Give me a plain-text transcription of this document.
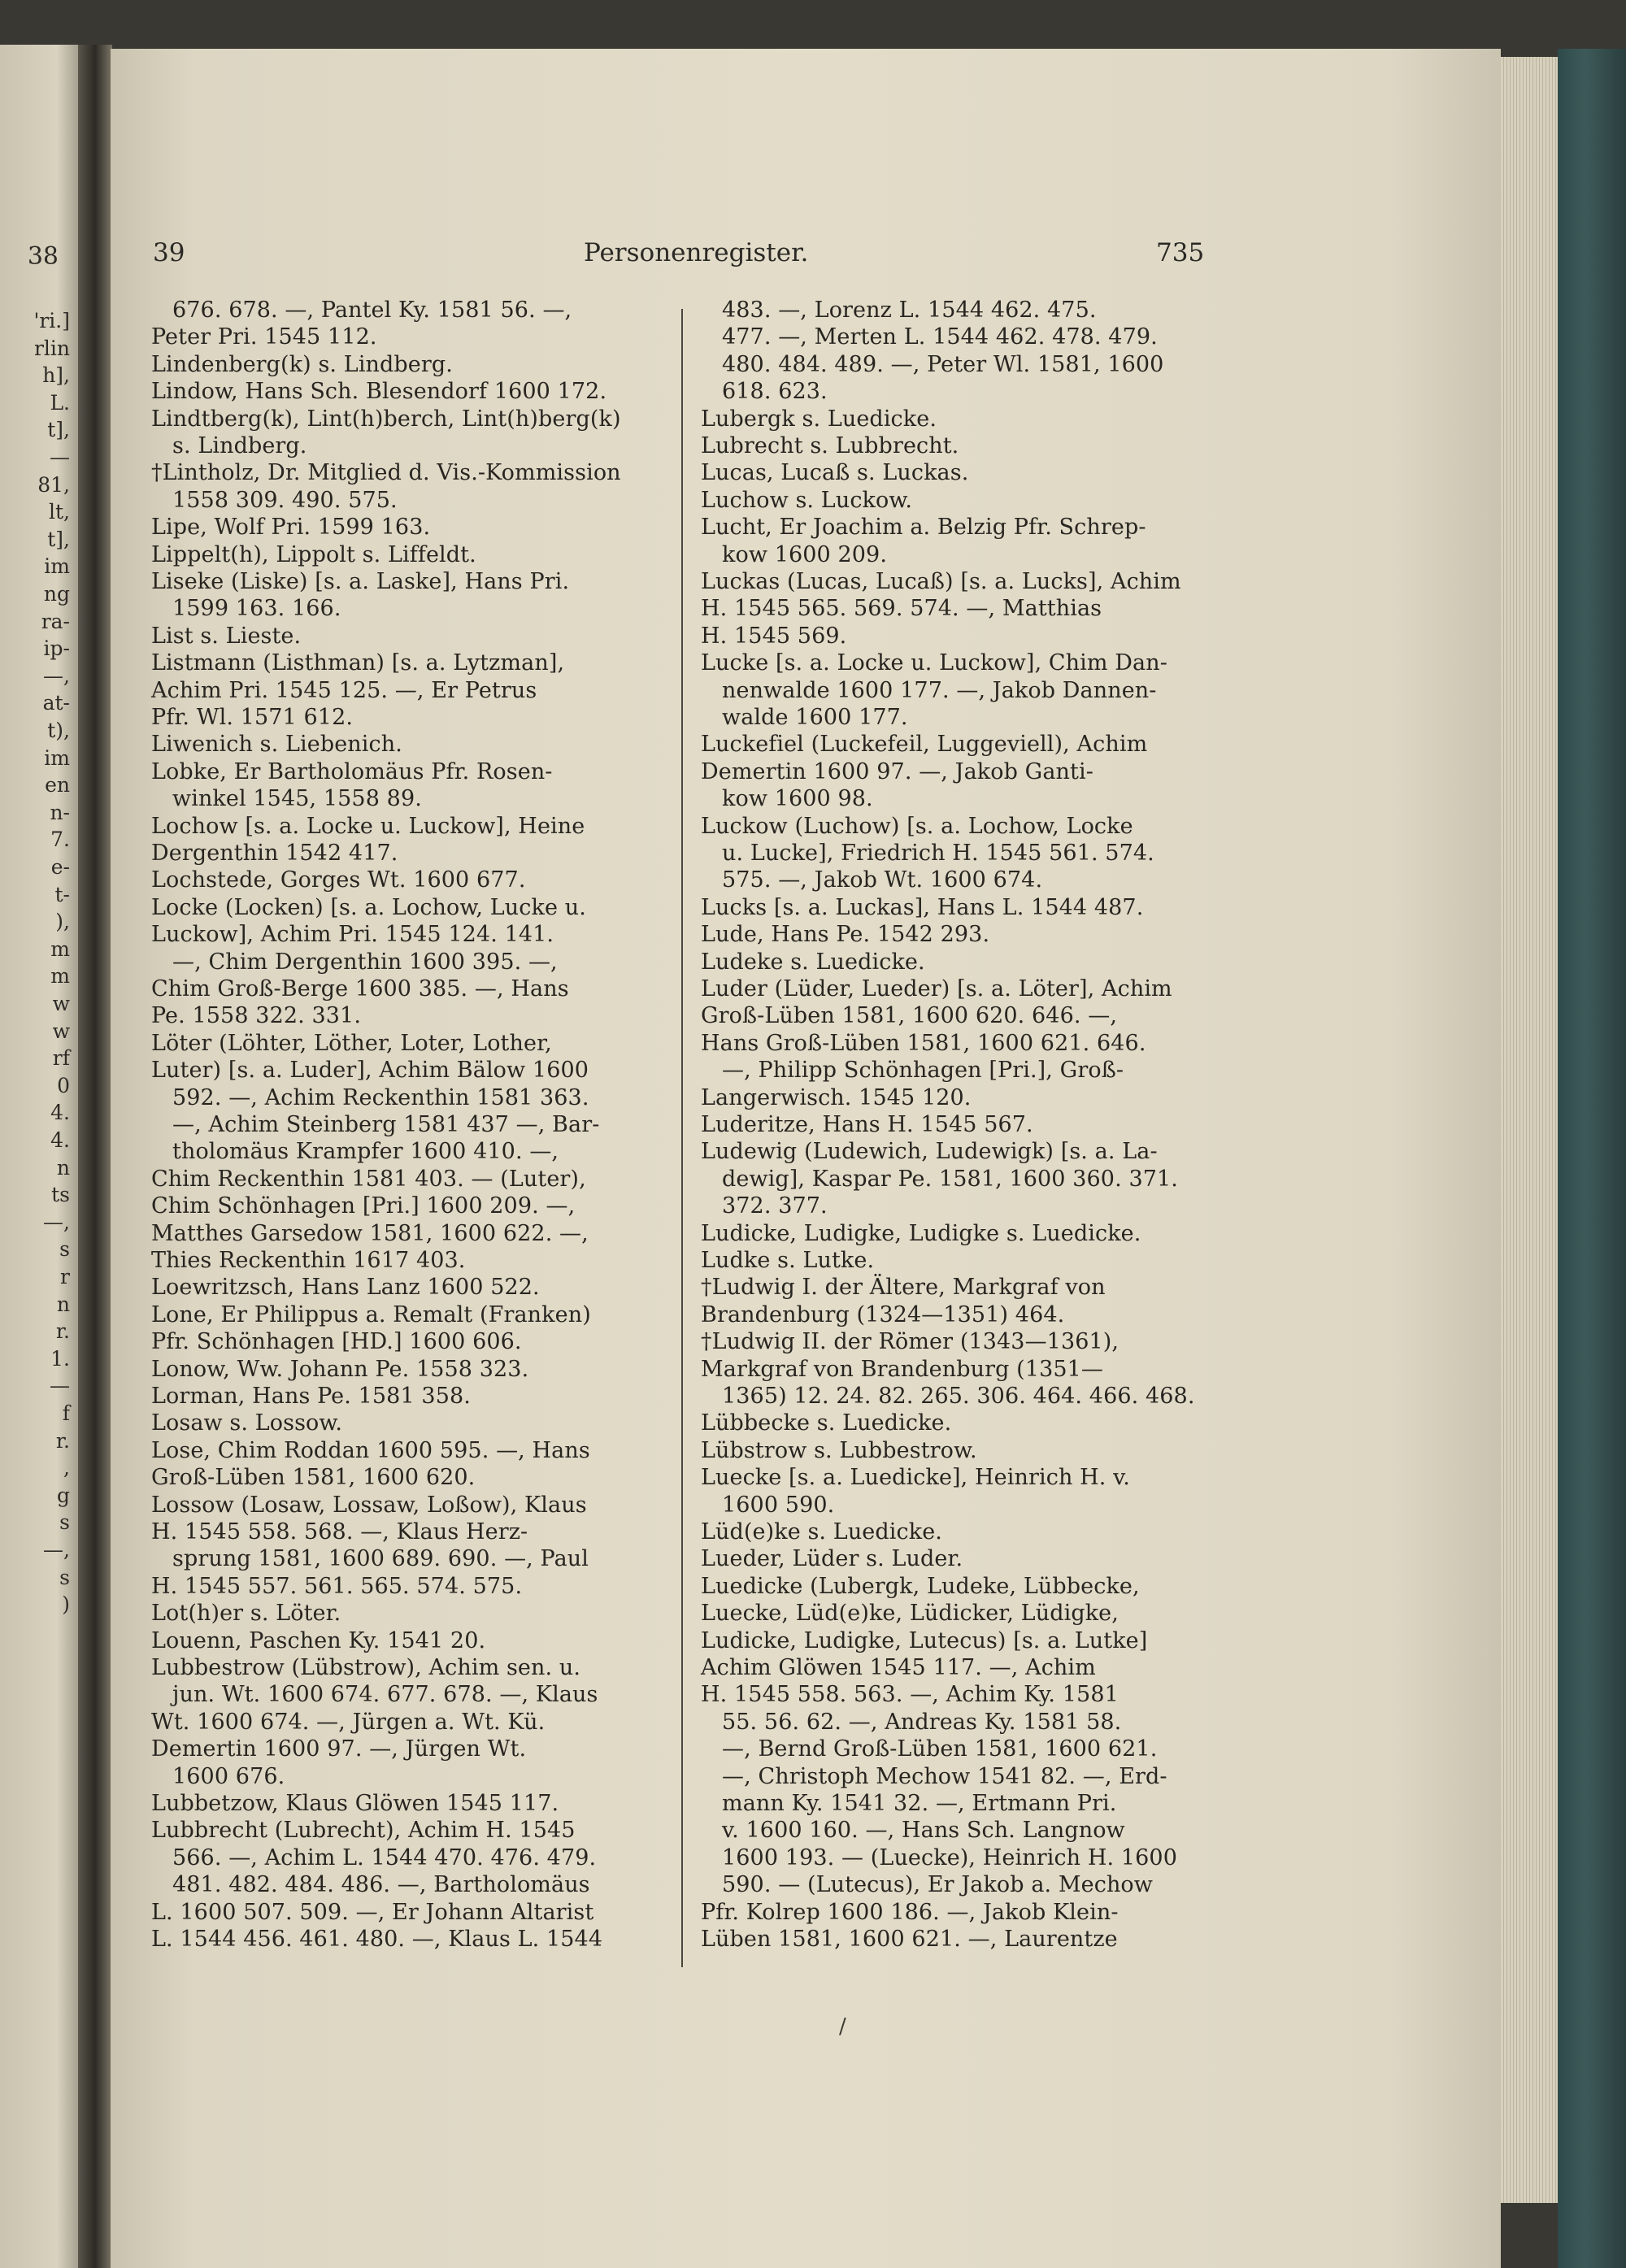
38
'ri.]
rlin
h],
L.
t],
—
81,
lt,
t],
im
ng
ra-
ip-
—,
at-
t),
im
en
n-
7.
e-
t-
),
m
m
w
w
rf
0
4.
4.
n
ts
—,
s
r
n
r.
1.
—
f
r.
,
g
s
—,
s
)
39	Personenregister.	735
676. 678. —, Pantel Ky. 1581 56. —,
Peter Pri. 1545 112.
Lindenberg(k) s. Lindberg.
Lindow, Hans Sch. Blesendorf 1600 172.
Lindtberg(k), Lint(h)berch, Lint(h)berg(k)
s. Lindberg.
†Lintholz, Dr. Mitglied d. Vis.-Kommission
1558 309. 490. 575.
Lipe, Wolf Pri. 1599 163.
Lippelt(h), Lippolt s. Liffeldt.
Liseke (Liske) [s. a. Laske], Hans Pri.
1599 163. 166.
List s. Lieste.
Listmann (Listhman) [s. a. Lytzman],
Achim Pri. 1545 125. —, Er Petrus
Pfr. Wl. 1571 612.
Liwenich s. Liebenich.
Lobke, Er Bartholomäus Pfr. Rosen-
winkel 1545, 1558 89.
Lochow [s. a. Locke u. Luckow], Heine
Dergenthin 1542 417.
Lochstede, Gorges Wt. 1600 677.
Locke (Locken) [s. a. Lochow, Lucke u.
Luckow], Achim Pri. 1545 124. 141.
—, Chim Dergenthin 1600 395. —,
Chim Groß-Berge 1600 385. —, Hans
Pe. 1558 322. 331.
Löter (Löhter, Löther, Loter, Lother,
Luter) [s. a. Luder], Achim Bälow 1600
592. —, Achim Reckenthin 1581 363.
—, Achim Steinberg 1581 437 —, Bar-
tholomäus Krampfer 1600 410. —,
Chim Reckenthin 1581 403. — (Luter),
Chim Schönhagen [Pri.] 1600 209. —,
Matthes Garsedow 1581, 1600 622. —,
Thies Reckenthin 1617 403.
Loewritzsch, Hans Lanz 1600 522.
Lone, Er Philippus a. Remalt (Franken)
Pfr. Schönhagen [HD.] 1600 606.
Lonow, Ww. Johann Pe. 1558 323.
Lorman, Hans Pe. 1581 358.
Losaw s. Lossow.
Lose, Chim Roddan 1600 595. —, Hans
Groß-Lüben 1581, 1600 620.
Lossow (Losaw, Lossaw, Loßow), Klaus
H. 1545 558. 568. —, Klaus Herz-
sprung 1581, 1600 689. 690. —, Paul
H. 1545 557. 561. 565. 574. 575.
Lot(h)er s. Löter.
Louenn, Paschen Ky. 1541 20.
Lubbestrow (Lübstrow), Achim sen. u.
jun. Wt. 1600 674. 677. 678. —, Klaus
Wt. 1600 674. —, Jürgen a. Wt. Kü.
Demertin 1600 97. —, Jürgen Wt.
1600 676.
Lubbetzow, Klaus Glöwen 1545 117.
Lubbrecht (Lubrecht), Achim H. 1545
566. —, Achim L. 1544 470. 476. 479.
481. 482. 484. 486. —, Bartholomäus
L. 1600 507. 509. —, Er Johann Altarist
L. 1544 456. 461. 480. —, Klaus L. 1544
483. —, Lorenz L. 1544 462. 475.
477. —, Merten L. 1544 462. 478. 479.
480. 484. 489. —, Peter Wl. 1581, 1600
618. 623.
Lubergk s. Luedicke.
Lubrecht s. Lubbrecht.
Lucas, Lucaß s. Luckas.
Luchow s. Luckow.
Lucht, Er Joachim a. Belzig Pfr. Schrep-
kow 1600 209.
Luckas (Lucas, Lucaß) [s. a. Lucks], Achim
H. 1545 565. 569. 574. —, Matthias
H. 1545 569.
Lucke [s. a. Locke u. Luckow], Chim Dan-
nenwalde 1600 177. —, Jakob Dannen-
walde 1600 177.
Luckefiel (Luckefeil, Luggeviell), Achim
Demertin 1600 97. —, Jakob Ganti-
kow 1600 98.
Luckow (Luchow) [s. a. Lochow, Locke
u. Lucke], Friedrich H. 1545 561. 574.
575. —, Jakob Wt. 1600 674.
Lucks [s. a. Luckas], Hans L. 1544 487.
Lude, Hans Pe. 1542 293.
Ludeke s. Luedicke.
Luder (Lüder, Lueder) [s. a. Löter], Achim
Groß-Lüben 1581, 1600 620. 646. —,
Hans Groß-Lüben 1581, 1600 621. 646.
—, Philipp Schönhagen [Pri.], Groß-
Langerwisch. 1545 120.
Luderitze, Hans H. 1545 567.
Ludewig (Ludewich, Ludewigk) [s. a. La-
dewig], Kaspar Pe. 1581, 1600 360. 371.
372. 377.
Ludicke, Ludigke, Ludigke s. Luedicke.
Ludke s. Lutke.
†Ludwig I. der Ältere, Markgraf von
Brandenburg (1324—1351) 464.
†Ludwig II. der Römer (1343—1361),
Markgraf von Brandenburg (1351—
1365) 12. 24. 82. 265. 306. 464. 466. 468.
Lübbecke s. Luedicke.
Lübstrow s. Lubbestrow.
Luecke [s. a. Luedicke], Heinrich H. v.
1600 590.
Lüd(e)ke s. Luedicke.
Lueder, Lüder s. Luder.
Luedicke (Lubergk, Ludeke, Lübbecke,
Luecke, Lüd(e)ke, Lüdicker, Lüdigke,
Ludicke, Ludigke, Lutecus) [s. a. Lutke]
Achim Glöwen 1545 117. —, Achim
H. 1545 558. 563. —, Achim Ky. 1581
55. 56. 62. —, Andreas Ky. 1581 58.
—, Bernd Groß-Lüben 1581, 1600 621.
—, Christoph Mechow 1541 82. —, Erd-
mann Ky. 1541 32. —, Ertmann Pri.
v. 1600 160. —, Hans Sch. Langnow
1600 193. — (Luecke), Heinrich H. 1600
590. — (Lutecus), Er Jakob a. Mechow
Pfr. Kolrep 1600 186. —, Jakob Klein-
Lüben 1581, 1600 621. —, Laurentze
/
